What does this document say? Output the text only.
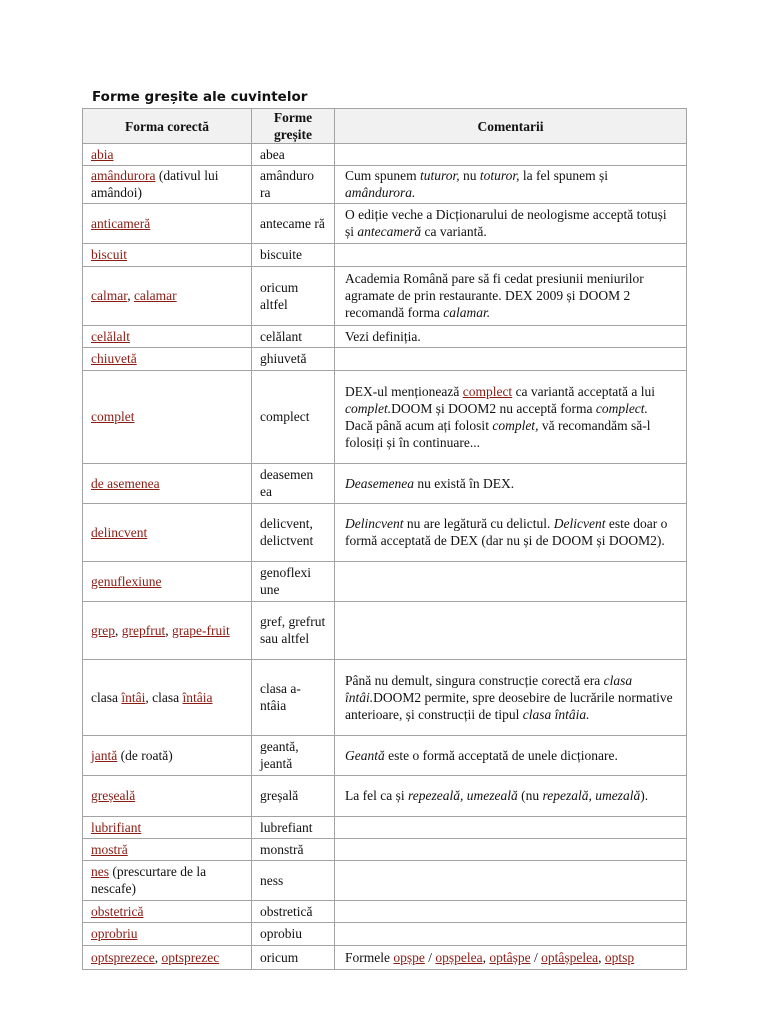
Forme greșite ale cuvintelor
Forma corectă	Forme greșite	Comentarii
abia	abea	
amândurora (dativul lui amândoi)	amânduro ra	Cum spunem tuturor, nu toturor, la fel spunem și amândurora.
anticameră	antecame ră	O ediție veche a Dicționarului de neologisme acceptă totuși și antecameră ca variantă.
biscuit	biscuite	
calmar, calamar	oricum altfel	Academia Română pare să fi cedat presiunii meniurilor agramate de prin restaurante. DEX 2009 și DOOM 2 recomandă forma calamar.
celălalt	celălant	Vezi definiția.
chiuvetă	ghiuvetă	
complet	complect	DEX-ul menționează complect ca variantă acceptată a lui complet.DOOM și DOOM2 nu acceptă forma complect. Dacă până acum ați folosit complet, vă recomandăm să-l folosiți și în continuare...
de asemenea	deasemen ea	Deasemenea nu există în DEX.
delincvent	delicvent, delictvent	Delincvent nu are legătură cu delictul. Delicvent este doar o formă acceptată de DEX (dar nu și de DOOM și DOOM2).
genuflexiune	genoflexi une	
grep, grepfrut, grape-fruit	gref, grefrut sau altfel	
clasa întâi, clasa întâia	clasa a-ntâia	Până nu demult, singura construcție corectă era clasa întâi.DOOM2 permite, spre deosebire de lucrările normative anterioare, și construcții de tipul clasa întâia.
jantă (de roată)	geantă, jeantă	Geantă este o formă acceptată de unele dicționare.
greșeală	greșală	La fel ca și repezeală, umezeală (nu repezală, umezală).
lubrifiant	lubrefiant	
mostră	monstră	
nes (prescurtare de la nescafe)	ness	
obstetrică	obstretică	
oprobriu	oprobiu	
optsprezece, optsprezec	oricum	Formele opșpe / opșpelea, optâșpe / optâșpelea, optsp
